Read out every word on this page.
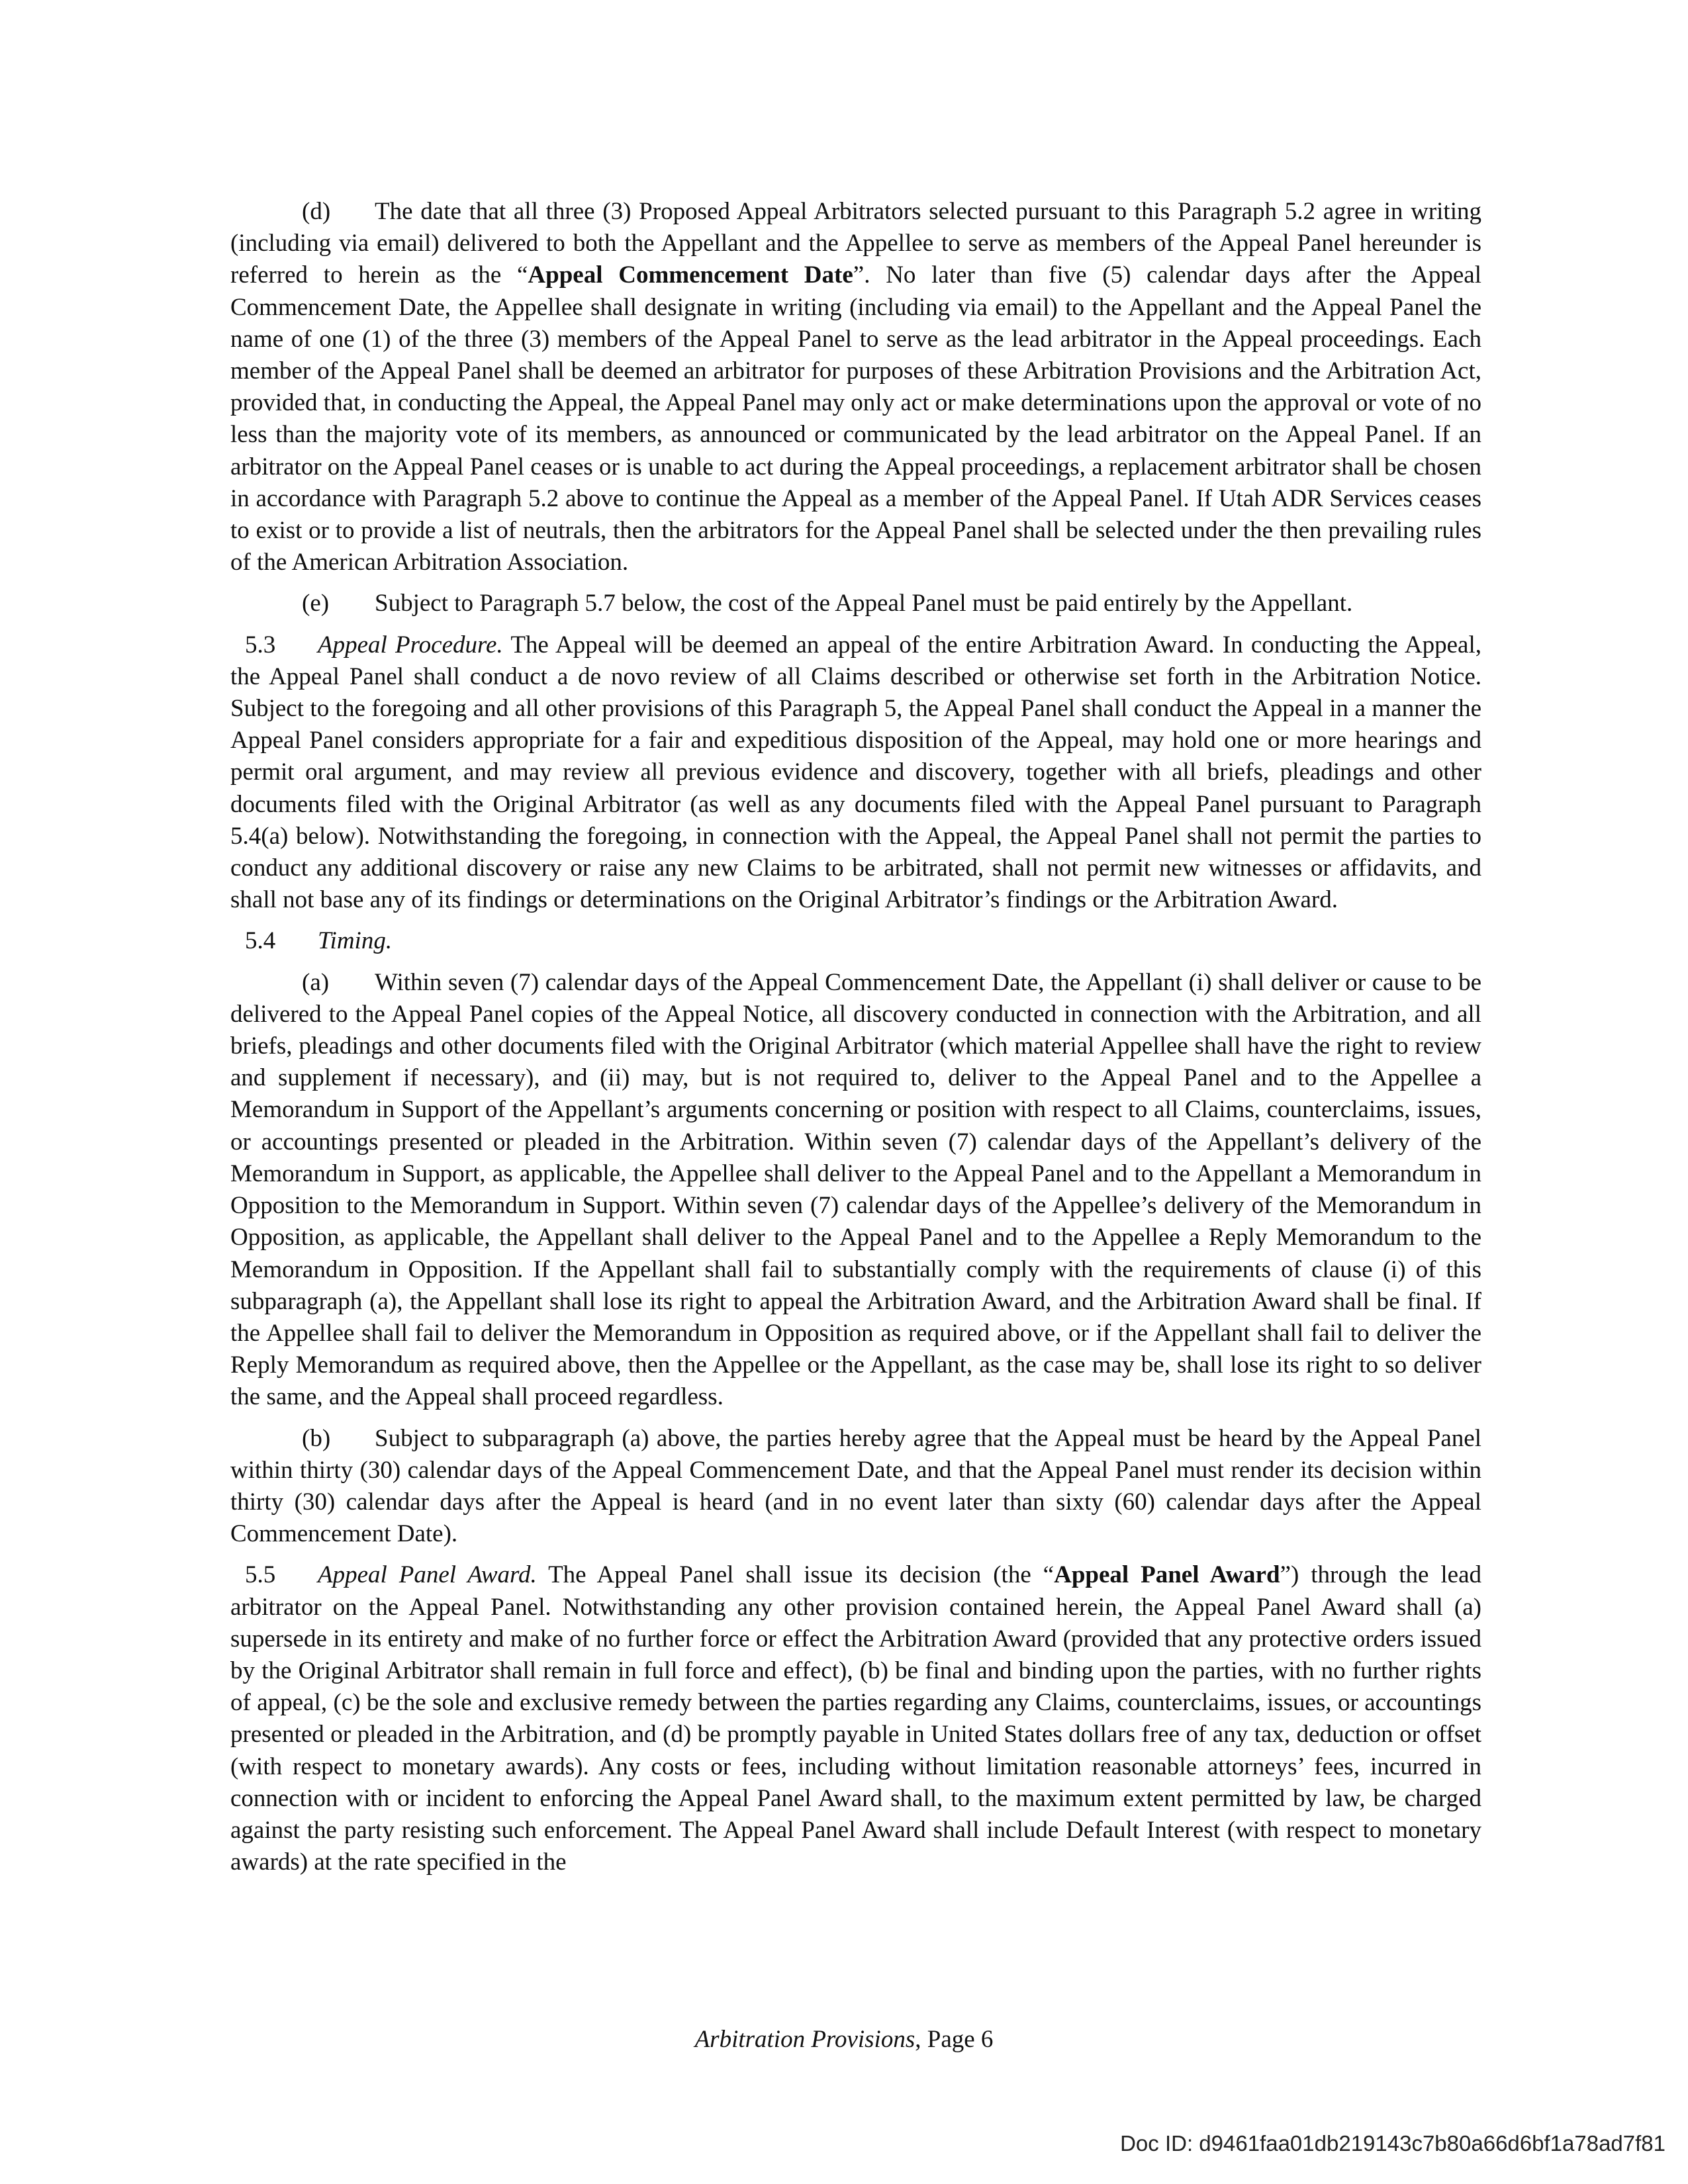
(d) The date that all three (3) Proposed Appeal Arbitrators selected pursuant to this Paragraph 5.2 agree in writing (including via email) delivered to both the Appellant and the Appellee to serve as members of the Appeal Panel hereunder is referred to herein as the “Appeal Commencement Date”. No later than five (5) calendar days after the Appeal Commencement Date, the Appellee shall designate in writing (including via email) to the Appellant and the Appeal Panel the name of one (1) of the three (3) members of the Appeal Panel to serve as the lead arbitrator in the Appeal proceedings. Each member of the Appeal Panel shall be deemed an arbitrator for purposes of these Arbitration Provisions and the Arbitration Act, provided that, in conducting the Appeal, the Appeal Panel may only act or make determinations upon the approval or vote of no less than the majority vote of its members, as announced or communicated by the lead arbitrator on the Appeal Panel. If an arbitrator on the Appeal Panel ceases or is unable to act during the Appeal proceedings, a replacement arbitrator shall be chosen in accordance with Paragraph 5.2 above to continue the Appeal as a member of the Appeal Panel. If Utah ADR Services ceases to exist or to provide a list of neutrals, then the arbitrators for the Appeal Panel shall be selected under the then prevailing rules of the American Arbitration Association.

(e) Subject to Paragraph 5.7 below, the cost of the Appeal Panel must be paid entirely by the Appellant.

5.3 Appeal Procedure. The Appeal will be deemed an appeal of the entire Arbitration Award. In conducting the Appeal, the Appeal Panel shall conduct a de novo review of all Claims described or otherwise set forth in the Arbitration Notice. Subject to the foregoing and all other provisions of this Paragraph 5, the Appeal Panel shall conduct the Appeal in a manner the Appeal Panel considers appropriate for a fair and expeditious disposition of the Appeal, may hold one or more hearings and permit oral argument, and may review all previous evidence and discovery, together with all briefs, pleadings and other documents filed with the Original Arbitrator (as well as any documents filed with the Appeal Panel pursuant to Paragraph 5.4(a) below). Notwithstanding the foregoing, in connection with the Appeal, the Appeal Panel shall not permit the parties to conduct any additional discovery or raise any new Claims to be arbitrated, shall not permit new witnesses or affidavits, and shall not base any of its findings or determinations on the Original Arbitrator’s findings or the Arbitration Award.

5.4 Timing.

(a) Within seven (7) calendar days of the Appeal Commencement Date, the Appellant (i) shall deliver or cause to be delivered to the Appeal Panel copies of the Appeal Notice, all discovery conducted in connection with the Arbitration, and all briefs, pleadings and other documents filed with the Original Arbitrator (which material Appellee shall have the right to review and supplement if necessary), and (ii) may, but is not required to, deliver to the Appeal Panel and to the Appellee a Memorandum in Support of the Appellant’s arguments concerning or position with respect to all Claims, counterclaims, issues, or accountings presented or pleaded in the Arbitration. Within seven (7) calendar days of the Appellant’s delivery of the Memorandum in Support, as applicable, the Appellee shall deliver to the Appeal Panel and to the Appellant a Memorandum in Opposition to the Memorandum in Support. Within seven (7) calendar days of the Appellee’s delivery of the Memorandum in Opposition, as applicable, the Appellant shall deliver to the Appeal Panel and to the Appellee a Reply Memorandum to the Memorandum in Opposition. If the Appellant shall fail to substantially comply with the requirements of clause (i) of this subparagraph (a), the Appellant shall lose its right to appeal the Arbitration Award, and the Arbitration Award shall be final. If the Appellee shall fail to deliver the Memorandum in Opposition as required above, or if the Appellant shall fail to deliver the Reply Memorandum as required above, then the Appellee or the Appellant, as the case may be, shall lose its right to so deliver the same, and the Appeal shall proceed regardless.

(b) Subject to subparagraph (a) above, the parties hereby agree that the Appeal must be heard by the Appeal Panel within thirty (30) calendar days of the Appeal Commencement Date, and that the Appeal Panel must render its decision within thirty (30) calendar days after the Appeal is heard (and in no event later than sixty (60) calendar days after the Appeal Commencement Date).

5.5 Appeal Panel Award. The Appeal Panel shall issue its decision (the “Appeal Panel Award”) through the lead arbitrator on the Appeal Panel. Notwithstanding any other provision contained herein, the Appeal Panel Award shall (a) supersede in its entirety and make of no further force or effect the Arbitration Award (provided that any protective orders issued by the Original Arbitrator shall remain in full force and effect), (b) be final and binding upon the parties, with no further rights of appeal, (c) be the sole and exclusive remedy between the parties regarding any Claims, counterclaims, issues, or accountings presented or pleaded in the Arbitration, and (d) be promptly payable in United States dollars free of any tax, deduction or offset (with respect to monetary awards). Any costs or fees, including without limitation reasonable attorneys’ fees, incurred in connection with or incident to enforcing the Appeal Panel Award shall, to the maximum extent permitted by law, be charged against the party resisting such enforcement. The Appeal Panel Award shall include Default Interest (with respect to monetary awards) at the rate specified in the

Arbitration Provisions, Page 6
Doc ID: d9461faa01db219143c7b80a66d6bf1a78ad7f81
